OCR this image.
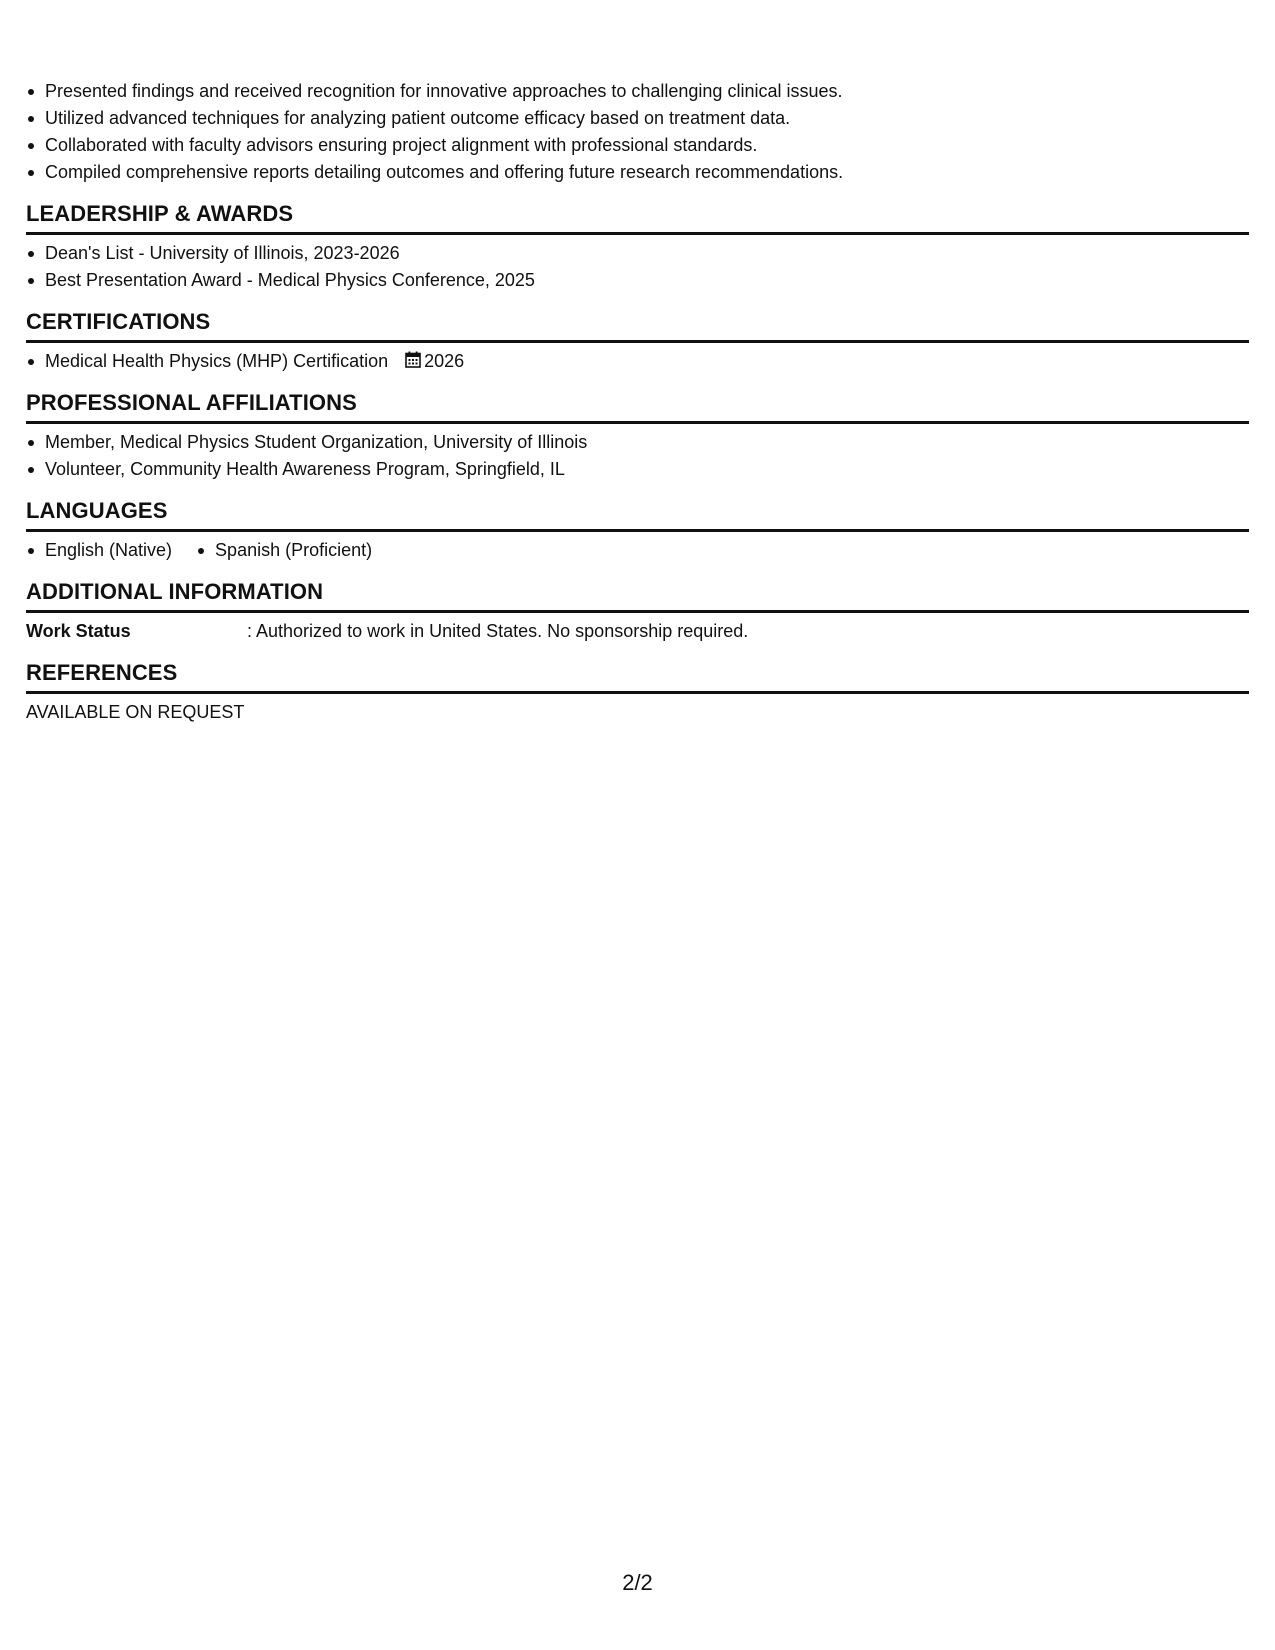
Presented findings and received recognition for innovative approaches to challenging clinical issues.
Utilized advanced techniques for analyzing patient outcome efficacy based on treatment data.
Collaborated with faculty advisors ensuring project alignment with professional standards.
Compiled comprehensive reports detailing outcomes and offering future research recommendations.
LEADERSHIP & AWARDS
Dean's List - University of Illinois, 2023-2026
Best Presentation Award - Medical Physics Conference, 2025
CERTIFICATIONS
Medical Health Physics (MHP) Certification 2026
PROFESSIONAL AFFILIATIONS
Member, Medical Physics Student Organization, University of Illinois
Volunteer, Community Health Awareness Program, Springfield, IL
LANGUAGES
English (Native)	Spanish (Proficient)
ADDITIONAL INFORMATION
Work Status	: Authorized to work in United States. No sponsorship required.
REFERENCES
AVAILABLE ON REQUEST
2/2
